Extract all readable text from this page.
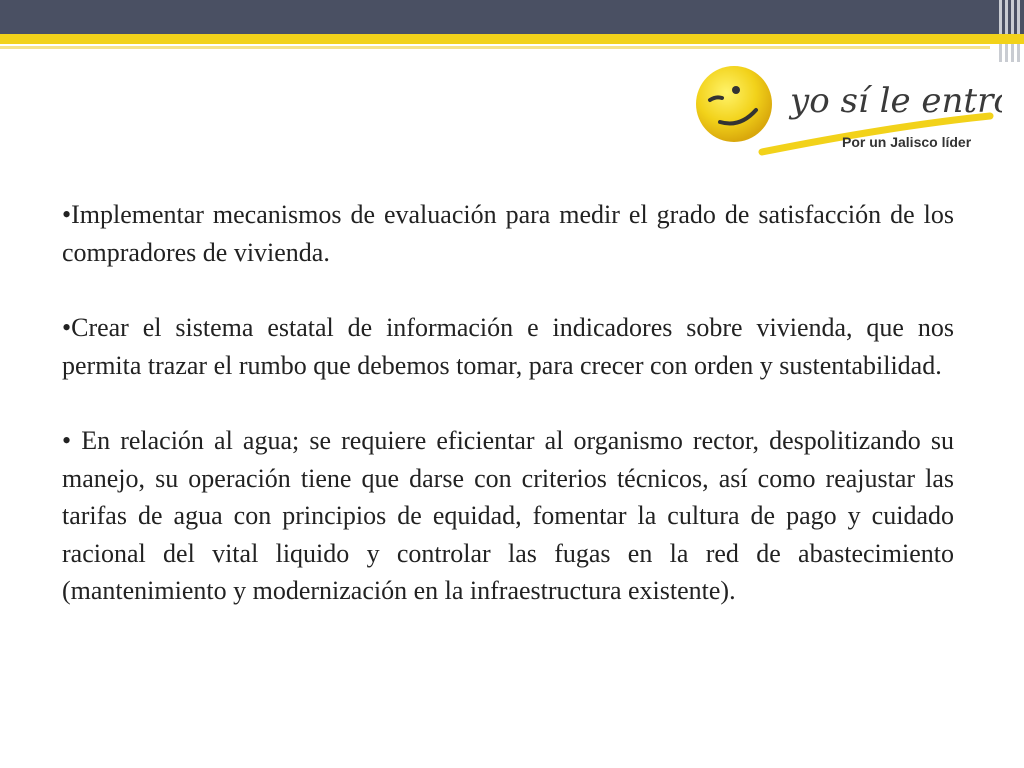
yo sí le entro
Por un Jalisco líder

•Implementar mecanismos de evaluación para medir el grado de satisfacción de los compradores de vivienda.

•Crear el sistema estatal de información e indicadores sobre vivienda, que nos permita trazar el rumbo que debemos tomar, para crecer con orden y sustentabilidad.

• En relación al agua; se requiere eficientar al organismo rector, despolitizando su manejo, su operación tiene que darse con criterios técnicos, así como reajustar las tarifas de agua con principios de equidad, fomentar la cultura de pago y cuidado racional del vital liquido y controlar las fugas en la red de abastecimiento (mantenimiento y modernización en la infraestructura existente).
